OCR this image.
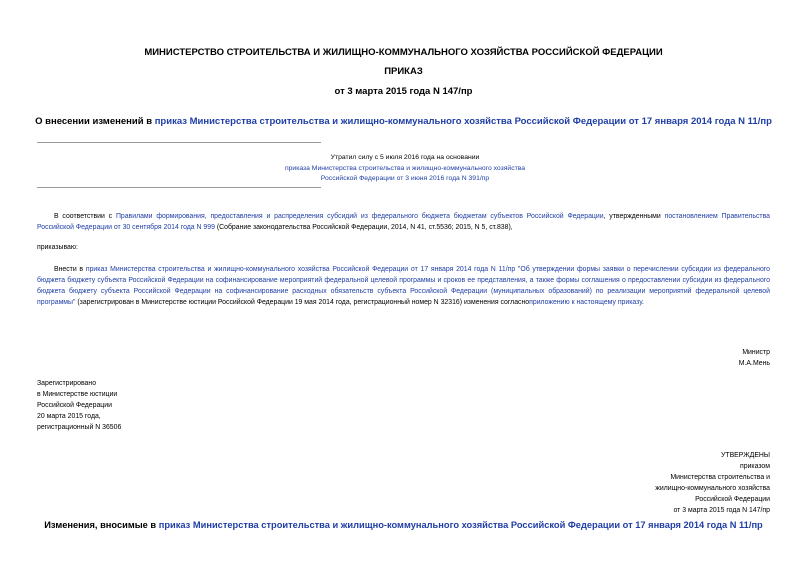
МИНИСТЕРСТВО СТРОИТЕЛЬСТВА И ЖИЛИЩНО-КОММУНАЛЬНОГО ХОЗЯЙСТВА РОССИЙСКОЙ ФЕДЕРАЦИИ
ПРИКАЗ
от 3 марта 2015 года N 147/пр
О внесении изменений в приказ Министерства строительства и жилищно-коммунального хозяйства Российской Федерации от 17 января 2014 года N 11/пр
Утратил силу с 5 июля 2016 года на основании
приказа Министерства строительства и жилищно-коммунального хозяйства
Российской Федерации от 3 июня 2016 года N 391/пр
В соответствии с Правилами формирования, предоставления и распределения субсидий из федерального бюджета бюджетам субъектов Российской Федерации, утвержденными постановлением Правительства Российской Федерации от 30 сентября 2014 года N 999 (Собрание законодательства Российской Федерации, 2014, N 41, ст.5536; 2015, N 5, ст.838),
приказываю:
Внести в приказ Министерства строительства и жилищно-коммунального хозяйства Российской Федерации от 17 января 2014 года N 11/пр "Об утверждении формы заявки о перечислении субсидии из федерального бюджета бюджету субъекта Российской Федерации на софинансирование мероприятий федеральной целевой программы и сроков ее представления, а также формы соглашения о предоставлении субсидии из федерального бюджета бюджету субъекта Российской Федерации на софинансирование расходных обязательств субъекта Российской Федерации (муниципальных образований) по реализации мероприятий федеральной целевой программы" (зарегистрирован в Министерстве юстиции Российской Федерации 19 мая 2014 года, регистрационный номер N 32316) изменения согласноприложению к настоящему приказу.
Министр
М.А.Мень
Зарегистрировано
в Министерстве юстиции
Российской Федерации
20 марта 2015 года,
регистрационный N 36506
УТВЕРЖДЕНЫ
приказом
Министерства строительства и
жилищно-коммунального хозяйства
Российской Федерации
от 3 марта 2015 года N 147/пр
Изменения, вносимые в приказ Министерства строительства и жилищно-коммунального хозяйства Российской Федерации от 17 января 2014 года N 11/пр
